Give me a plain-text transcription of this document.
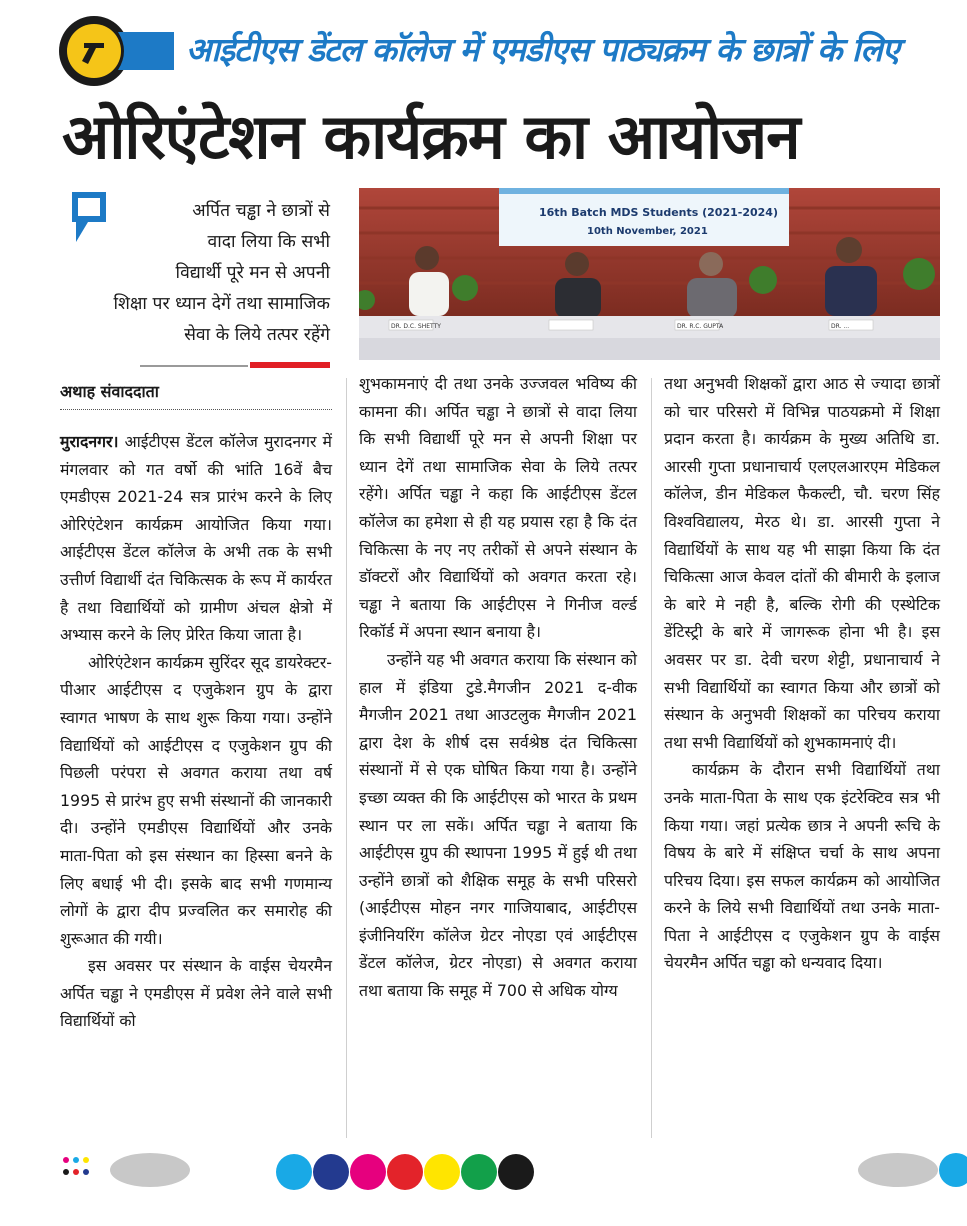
आईटीएस डेंटल कॉलेज में एमडीएस पाठ्यक्रम के छात्रों के लिए
ओरिएंटेशन कार्यक्रम का आयोजन
अर्पित चड्ढा ने छात्रों से
वादा लिया कि सभी
विद्यार्थी पूरे मन से अपनी
शिक्षा पर ध्यान देगें तथा सामाजिक
सेवा के लिये तत्पर रहेंगे
16th Batch MDS Students (2021-2024)
10th November, 2021
DR. D.C. SHETTY	DR. R.C. GUPTA	DR. ...
अथाह संवाददाता

मुरादनगर। आईटीएस डेंटल कॉलेज मुरादनगर में मंगलवार को गत वर्षो की भांति 16वें बैच एमडीएस 2021-24 सत्र प्रारंभ करने के लिए ओरिएंटेशन कार्यक्रम आयोजित किया गया। आईटीएस डेंटल कॉलेज के अभी तक के सभी उत्तीर्ण विद्यार्थी दंत चिकित्सक के रूप में कार्यरत है तथा विद्यार्थियों को ग्रामीण अंचल क्षेत्रो में अभ्यास करने के लिए प्रेरित किया जाता है।

ओरिएंटेशन कार्यक्रम सुरिंदर सूद डायरेक्टर-पीआर आईटीएस द एजुकेशन ग्रुप के द्वारा स्वागत भाषण के साथ शुरू किया गया। उन्होंने विद्यार्थियों को आईटीएस द एजुकेशन ग्रुप की पिछली परंपरा से अवगत कराया तथा वर्ष 1995 से प्रारंभ हुए सभी संस्थानों की जानकारी दी। उन्होंने एमडीएस विद्यार्थियों और उनके माता-पिता को इस संस्थान का हिस्सा बनने के लिए बधाई भी दी। इसके बाद सभी गणमान्य लोगों के द्वारा दीप प्रज्वलित कर समारोह की शुरूआत की गयी।

इस अवसर पर संस्थान के वाईस चेयरमैन अर्पित चड्ढा ने एमडीएस में प्रवेश लेने वाले सभी विद्यार्थियों को

शुभकामनाएं दी तथा उनके उज्जवल भविष्य की कामना की। अर्पित चड्ढा ने छात्रों से वादा लिया कि सभी विद्यार्थी पूरे मन से अपनी शिक्षा पर ध्यान देगें तथा सामाजिक सेवा के लिये तत्पर रहेंगे। अर्पित चड्ढा ने कहा कि आईटीएस डेंटल कॉलेज का हमेशा से ही यह प्रयास रहा है कि दंत चिकित्सा के नए नए तरीकों से अपने संस्थान के डॉक्टरों और विद्यार्थियों को अवगत करता रहे। चड्ढा ने बताया कि आईटीएस ने गिनीज वर्ल्ड रिकॉर्ड में अपना स्थान बनाया है।

उन्होंने यह भी अवगत कराया कि संस्थान को हाल में इंडिया टुडे.मैगजीन 2021 द-वीक मैगजीन 2021 तथा आउटलुक मैगजीन 2021 द्वारा देश के शीर्ष दस सर्वश्रेष्ठ दंत चिकित्सा संस्थानों में से एक घोषित किया गया है। उन्होंने इच्छा व्यक्त की कि आईटीएस को भारत के प्रथम स्थान पर ला सकें। अर्पित चड्ढा ने बताया कि आईटीएस ग्रुप की स्थापना 1995 में हुई थी तथा उन्होंने छात्रों को शैक्षिक समूह के सभी परिसरो (आईटीएस मोहन नगर गाजियाबाद, आईटीएस इंजीनियरिंग कॉलेज ग्रेटर नोएडा एवं आईटीएस डेंटल कॉलेज, ग्रेटर नोएडा) से अवगत कराया तथा बताया कि समूह में 700 से अधिक योग्य

तथा अनुभवी शिक्षकों द्वारा आठ से ज्यादा छात्रों को चार परिसरो में विभिन्न पाठयक्रमो में शिक्षा प्रदान करता है। कार्यक्रम के मुख्य अतिथि डा. आरसी गुप्ता प्रधानाचार्य एलएलआरएम मेडिकल कॉलेज, डीन मेडिकल फैकल्टी, चौ. चरण सिंह विश्वविद्यालय, मेरठ थे। डा. आरसी गुप्ता ने विद्यार्थियों के साथ यह भी साझा किया कि दंत चिकित्सा आज केवल दांतों की बीमारी के इलाज के बारे मे नही है, बल्कि रोगी की एस्थेटिक डेंटिस्ट्री के बारे में जागरूक होना भी है। इस अवसर पर डा. देवी चरण शेट्टी, प्रधानाचार्य ने सभी विद्यार्थियों का स्वागत किया और छात्रों को संस्थान के अनुभवी शिक्षकों का परिचय कराया तथा सभी विद्यार्थियों को शुभकामनाएं दी।

कार्यक्रम के दौरान सभी विद्यार्थियों तथा उनके माता-पिता के साथ एक इंटरेक्टिव सत्र भी किया गया। जहां प्रत्येक छात्र ने अपनी रूचि के विषय के बारे में संक्षिप्त चर्चा के साथ अपना परिचय दिया। इस सफल कार्यक्रम को आयोजित करने के लिये सभी विद्यार्थियों तथा उनके माता-पिता ने आईटीएस द एजुकेशन ग्रुप के वाईस चेयरमैन अर्पित चड्ढा को धन्यवाद दिया।
